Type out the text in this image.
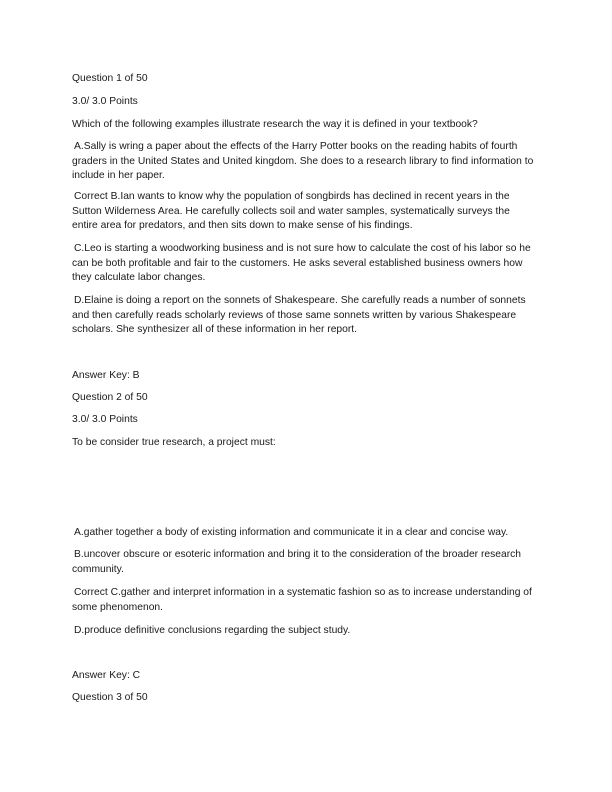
Question 1 of 50

3.0/ 3.0 Points

Which of the following examples illustrate research the way it is defined in your textbook?

A.Sally is wring a paper about the effects of the Harry Potter books on the reading habits of fourth graders in the United States and United kingdom. She does to a research library to find information to include in her paper.

Correct B.Ian wants to know why the population of songbirds has declined in recent years in the Sutton Wilderness Area. He carefully collects soil and water samples, systematically surveys the entire area for predators, and then sits down to make sense of his findings.

C.Leo is starting a woodworking business and is not sure how to calculate the cost of his labor so he can be both profitable and fair to the customers. He asks several established business owners how they calculate labor changes.

D.Elaine is doing a report on the sonnets of Shakespeare. She carefully reads a number of sonnets and then carefully reads scholarly reviews of those same sonnets written by various Shakespeare scholars. She synthesizer all of these information in her report.

Answer Key: B

Question 2 of 50

3.0/ 3.0 Points

To be consider true research, a project must:

A.gather together a body of existing information and communicate it in a clear and concise way.

B.uncover obscure or esoteric information and bring it to the consideration of the broader research community.

Correct C.gather and interpret information in a systematic fashion so as to increase understanding of some phenomenon.

D.produce definitive conclusions regarding the subject study.

Answer Key: C

Question 3 of 50
